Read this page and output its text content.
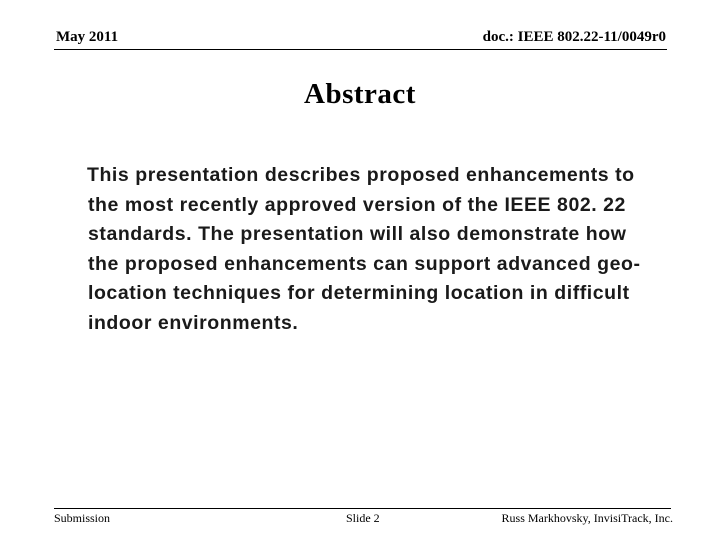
May 2011	doc.: IEEE 802.22-11/0049r0
Abstract
This presentation describes proposed enhancements to
the most recently approved version of the IEEE 802. 22
standards. The presentation will also demonstrate how
the proposed enhancements can support advanced geo-
location techniques for determining location in difficult
indoor environments.
Submission	Slide 2	Russ Markhovsky, InvisiTrack, Inc.
